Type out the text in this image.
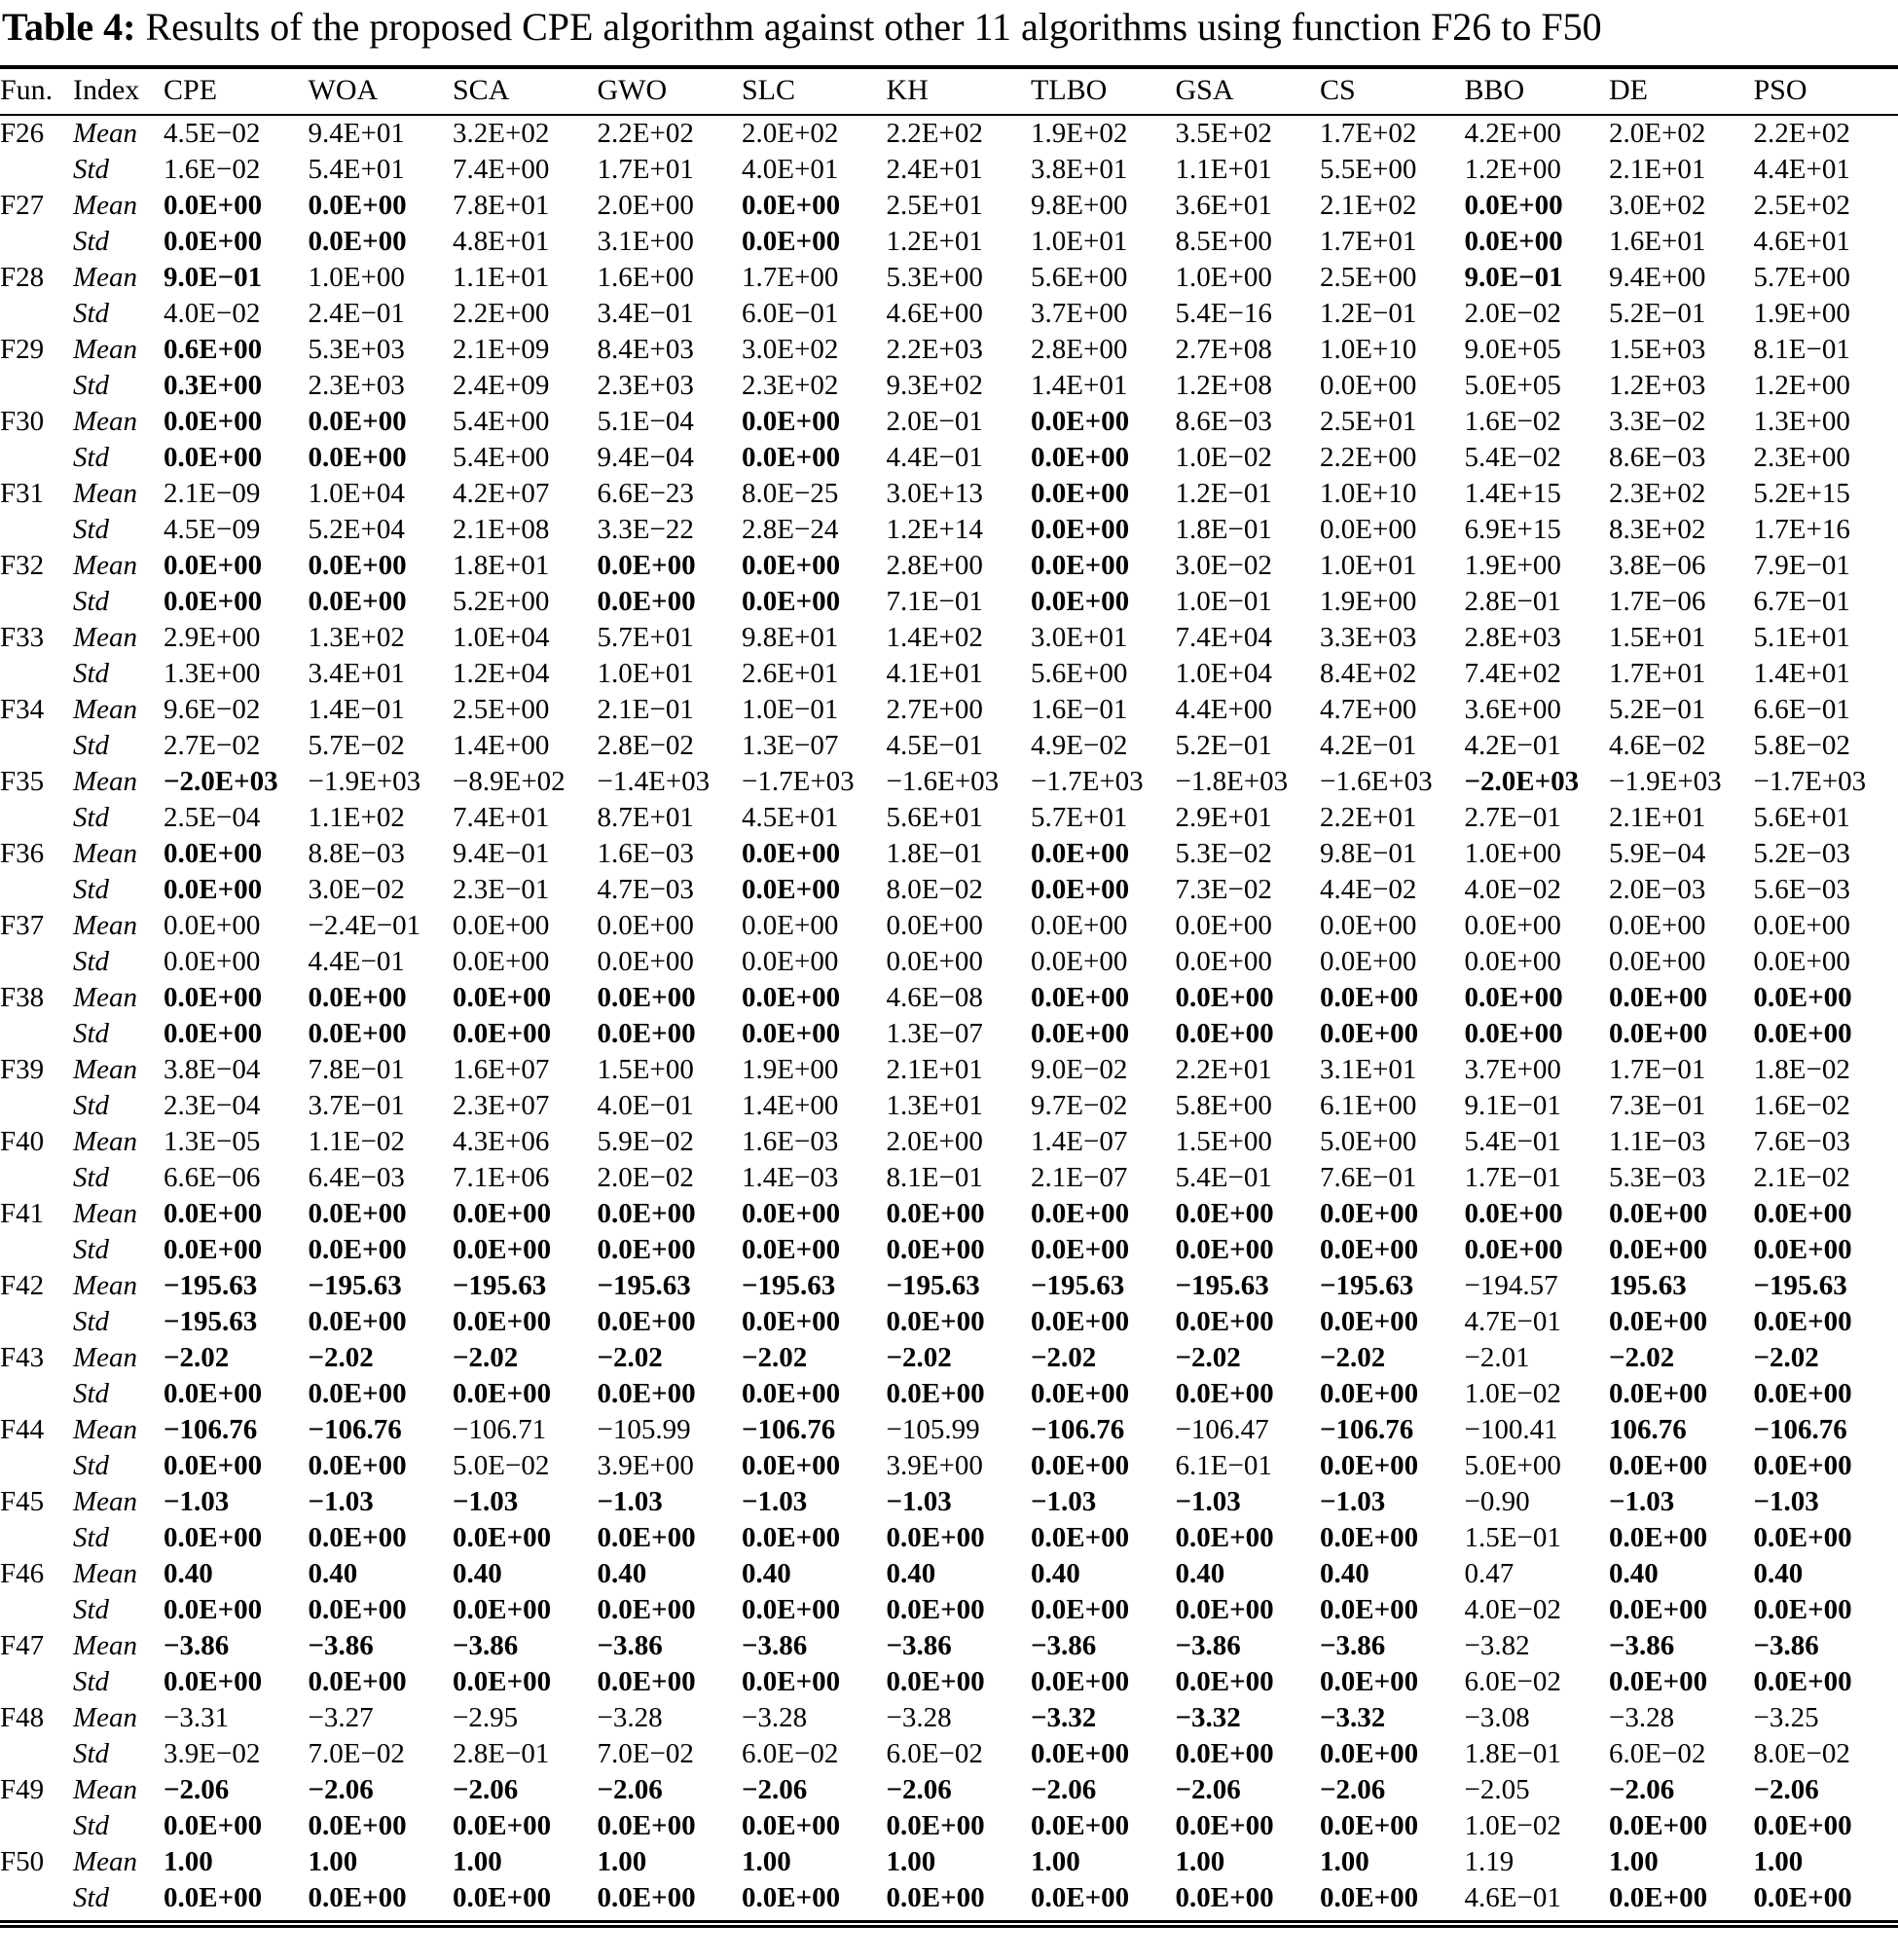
Table 4: Results of the proposed CPE algorithm against other 11 algorithms using function F26 to F50
Fun.	Index	CPE	WOA	SCA	GWO	SLC	KH	TLBO	GSA	CS	BBO	DE	PSO
F26	Mean	4.5E−02	9.4E+01	3.2E+02	2.2E+02	2.0E+02	2.2E+02	1.9E+02	3.5E+02	1.7E+02	4.2E+00	2.0E+02	2.2E+02
	Std	1.6E−02	5.4E+01	7.4E+00	1.7E+01	4.0E+01	2.4E+01	3.8E+01	1.1E+01	5.5E+00	1.2E+00	2.1E+01	4.4E+01
F27	Mean	0.0E+00	0.0E+00	7.8E+01	2.0E+00	0.0E+00	2.5E+01	9.8E+00	3.6E+01	2.1E+02	0.0E+00	3.0E+02	2.5E+02
	Std	0.0E+00	0.0E+00	4.8E+01	3.1E+00	0.0E+00	1.2E+01	1.0E+01	8.5E+00	1.7E+01	0.0E+00	1.6E+01	4.6E+01
F28	Mean	9.0E−01	1.0E+00	1.1E+01	1.6E+00	1.7E+00	5.3E+00	5.6E+00	1.0E+00	2.5E+00	9.0E−01	9.4E+00	5.7E+00
	Std	4.0E−02	2.4E−01	2.2E+00	3.4E−01	6.0E−01	4.6E+00	3.7E+00	5.4E−16	1.2E−01	2.0E−02	5.2E−01	1.9E+00
F29	Mean	0.6E+00	5.3E+03	2.1E+09	8.4E+03	3.0E+02	2.2E+03	2.8E+00	2.7E+08	1.0E+10	9.0E+05	1.5E+03	8.1E−01
	Std	0.3E+00	2.3E+03	2.4E+09	2.3E+03	2.3E+02	9.3E+02	1.4E+01	1.2E+08	0.0E+00	5.0E+05	1.2E+03	1.2E+00
F30	Mean	0.0E+00	0.0E+00	5.4E+00	5.1E−04	0.0E+00	2.0E−01	0.0E+00	8.6E−03	2.5E+01	1.6E−02	3.3E−02	1.3E+00
	Std	0.0E+00	0.0E+00	5.4E+00	9.4E−04	0.0E+00	4.4E−01	0.0E+00	1.0E−02	2.2E+00	5.4E−02	8.6E−03	2.3E+00
F31	Mean	2.1E−09	1.0E+04	4.2E+07	6.6E−23	8.0E−25	3.0E+13	0.0E+00	1.2E−01	1.0E+10	1.4E+15	2.3E+02	5.2E+15
	Std	4.5E−09	5.2E+04	2.1E+08	3.3E−22	2.8E−24	1.2E+14	0.0E+00	1.8E−01	0.0E+00	6.9E+15	8.3E+02	1.7E+16
F32	Mean	0.0E+00	0.0E+00	1.8E+01	0.0E+00	0.0E+00	2.8E+00	0.0E+00	3.0E−02	1.0E+01	1.9E+00	3.8E−06	7.9E−01
	Std	0.0E+00	0.0E+00	5.2E+00	0.0E+00	0.0E+00	7.1E−01	0.0E+00	1.0E−01	1.9E+00	2.8E−01	1.7E−06	6.7E−01
F33	Mean	2.9E+00	1.3E+02	1.0E+04	5.7E+01	9.8E+01	1.4E+02	3.0E+01	7.4E+04	3.3E+03	2.8E+03	1.5E+01	5.1E+01
	Std	1.3E+00	3.4E+01	1.2E+04	1.0E+01	2.6E+01	4.1E+01	5.6E+00	1.0E+04	8.4E+02	7.4E+02	1.7E+01	1.4E+01
F34	Mean	9.6E−02	1.4E−01	2.5E+00	2.1E−01	1.0E−01	2.7E+00	1.6E−01	4.4E+00	4.7E+00	3.6E+00	5.2E−01	6.6E−01
	Std	2.7E−02	5.7E−02	1.4E+00	2.8E−02	1.3E−07	4.5E−01	4.9E−02	5.2E−01	4.2E−01	4.2E−01	4.6E−02	5.8E−02
F35	Mean	−2.0E+03	−1.9E+03	−8.9E+02	−1.4E+03	−1.7E+03	−1.6E+03	−1.7E+03	−1.8E+03	−1.6E+03	−2.0E+03	−1.9E+03	−1.7E+03
	Std	2.5E−04	1.1E+02	7.4E+01	8.7E+01	4.5E+01	5.6E+01	5.7E+01	2.9E+01	2.2E+01	2.7E−01	2.1E+01	5.6E+01
F36	Mean	0.0E+00	8.8E−03	9.4E−01	1.6E−03	0.0E+00	1.8E−01	0.0E+00	5.3E−02	9.8E−01	1.0E+00	5.9E−04	5.2E−03
	Std	0.0E+00	3.0E−02	2.3E−01	4.7E−03	0.0E+00	8.0E−02	0.0E+00	7.3E−02	4.4E−02	4.0E−02	2.0E−03	5.6E−03
F37	Mean	0.0E+00	−2.4E−01	0.0E+00	0.0E+00	0.0E+00	0.0E+00	0.0E+00	0.0E+00	0.0E+00	0.0E+00	0.0E+00	0.0E+00
	Std	0.0E+00	4.4E−01	0.0E+00	0.0E+00	0.0E+00	0.0E+00	0.0E+00	0.0E+00	0.0E+00	0.0E+00	0.0E+00	0.0E+00
F38	Mean	0.0E+00	0.0E+00	0.0E+00	0.0E+00	0.0E+00	4.6E−08	0.0E+00	0.0E+00	0.0E+00	0.0E+00	0.0E+00	0.0E+00
	Std	0.0E+00	0.0E+00	0.0E+00	0.0E+00	0.0E+00	1.3E−07	0.0E+00	0.0E+00	0.0E+00	0.0E+00	0.0E+00	0.0E+00
F39	Mean	3.8E−04	7.8E−01	1.6E+07	1.5E+00	1.9E+00	2.1E+01	9.0E−02	2.2E+01	3.1E+01	3.7E+00	1.7E−01	1.8E−02
	Std	2.3E−04	3.7E−01	2.3E+07	4.0E−01	1.4E+00	1.3E+01	9.7E−02	5.8E+00	6.1E+00	9.1E−01	7.3E−01	1.6E−02
F40	Mean	1.3E−05	1.1E−02	4.3E+06	5.9E−02	1.6E−03	2.0E+00	1.4E−07	1.5E+00	5.0E+00	5.4E−01	1.1E−03	7.6E−03
	Std	6.6E−06	6.4E−03	7.1E+06	2.0E−02	1.4E−03	8.1E−01	2.1E−07	5.4E−01	7.6E−01	1.7E−01	5.3E−03	2.1E−02
F41	Mean	0.0E+00	0.0E+00	0.0E+00	0.0E+00	0.0E+00	0.0E+00	0.0E+00	0.0E+00	0.0E+00	0.0E+00	0.0E+00	0.0E+00
	Std	0.0E+00	0.0E+00	0.0E+00	0.0E+00	0.0E+00	0.0E+00	0.0E+00	0.0E+00	0.0E+00	0.0E+00	0.0E+00	0.0E+00
F42	Mean	−195.63	−195.63	−195.63	−195.63	−195.63	−195.63	−195.63	−195.63	−195.63	−194.57	195.63	−195.63
	Std	−195.63	0.0E+00	0.0E+00	0.0E+00	0.0E+00	0.0E+00	0.0E+00	0.0E+00	0.0E+00	4.7E−01	0.0E+00	0.0E+00
F43	Mean	−2.02	−2.02	−2.02	−2.02	−2.02	−2.02	−2.02	−2.02	−2.02	−2.01	−2.02	−2.02
	Std	0.0E+00	0.0E+00	0.0E+00	0.0E+00	0.0E+00	0.0E+00	0.0E+00	0.0E+00	0.0E+00	1.0E−02	0.0E+00	0.0E+00
F44	Mean	−106.76	−106.76	−106.71	−105.99	−106.76	−105.99	−106.76	−106.47	−106.76	−100.41	106.76	−106.76
	Std	0.0E+00	0.0E+00	5.0E−02	3.9E+00	0.0E+00	3.9E+00	0.0E+00	6.1E−01	0.0E+00	5.0E+00	0.0E+00	0.0E+00
F45	Mean	−1.03	−1.03	−1.03	−1.03	−1.03	−1.03	−1.03	−1.03	−1.03	−0.90	−1.03	−1.03
	Std	0.0E+00	0.0E+00	0.0E+00	0.0E+00	0.0E+00	0.0E+00	0.0E+00	0.0E+00	0.0E+00	1.5E−01	0.0E+00	0.0E+00
F46	Mean	0.40	0.40	0.40	0.40	0.40	0.40	0.40	0.40	0.40	0.47	0.40	0.40
	Std	0.0E+00	0.0E+00	0.0E+00	0.0E+00	0.0E+00	0.0E+00	0.0E+00	0.0E+00	0.0E+00	4.0E−02	0.0E+00	0.0E+00
F47	Mean	−3.86	−3.86	−3.86	−3.86	−3.86	−3.86	−3.86	−3.86	−3.86	−3.82	−3.86	−3.86
	Std	0.0E+00	0.0E+00	0.0E+00	0.0E+00	0.0E+00	0.0E+00	0.0E+00	0.0E+00	0.0E+00	6.0E−02	0.0E+00	0.0E+00
F48	Mean	−3.31	−3.27	−2.95	−3.28	−3.28	−3.28	−3.32	−3.32	−3.32	−3.08	−3.28	−3.25
	Std	3.9E−02	7.0E−02	2.8E−01	7.0E−02	6.0E−02	6.0E−02	0.0E+00	0.0E+00	0.0E+00	1.8E−01	6.0E−02	8.0E−02
F49	Mean	−2.06	−2.06	−2.06	−2.06	−2.06	−2.06	−2.06	−2.06	−2.06	−2.05	−2.06	−2.06
	Std	0.0E+00	0.0E+00	0.0E+00	0.0E+00	0.0E+00	0.0E+00	0.0E+00	0.0E+00	0.0E+00	1.0E−02	0.0E+00	0.0E+00
F50	Mean	1.00	1.00	1.00	1.00	1.00	1.00	1.00	1.00	1.00	1.19	1.00	1.00
	Std	0.0E+00	0.0E+00	0.0E+00	0.0E+00	0.0E+00	0.0E+00	0.0E+00	0.0E+00	0.0E+00	4.6E−01	0.0E+00	0.0E+00
